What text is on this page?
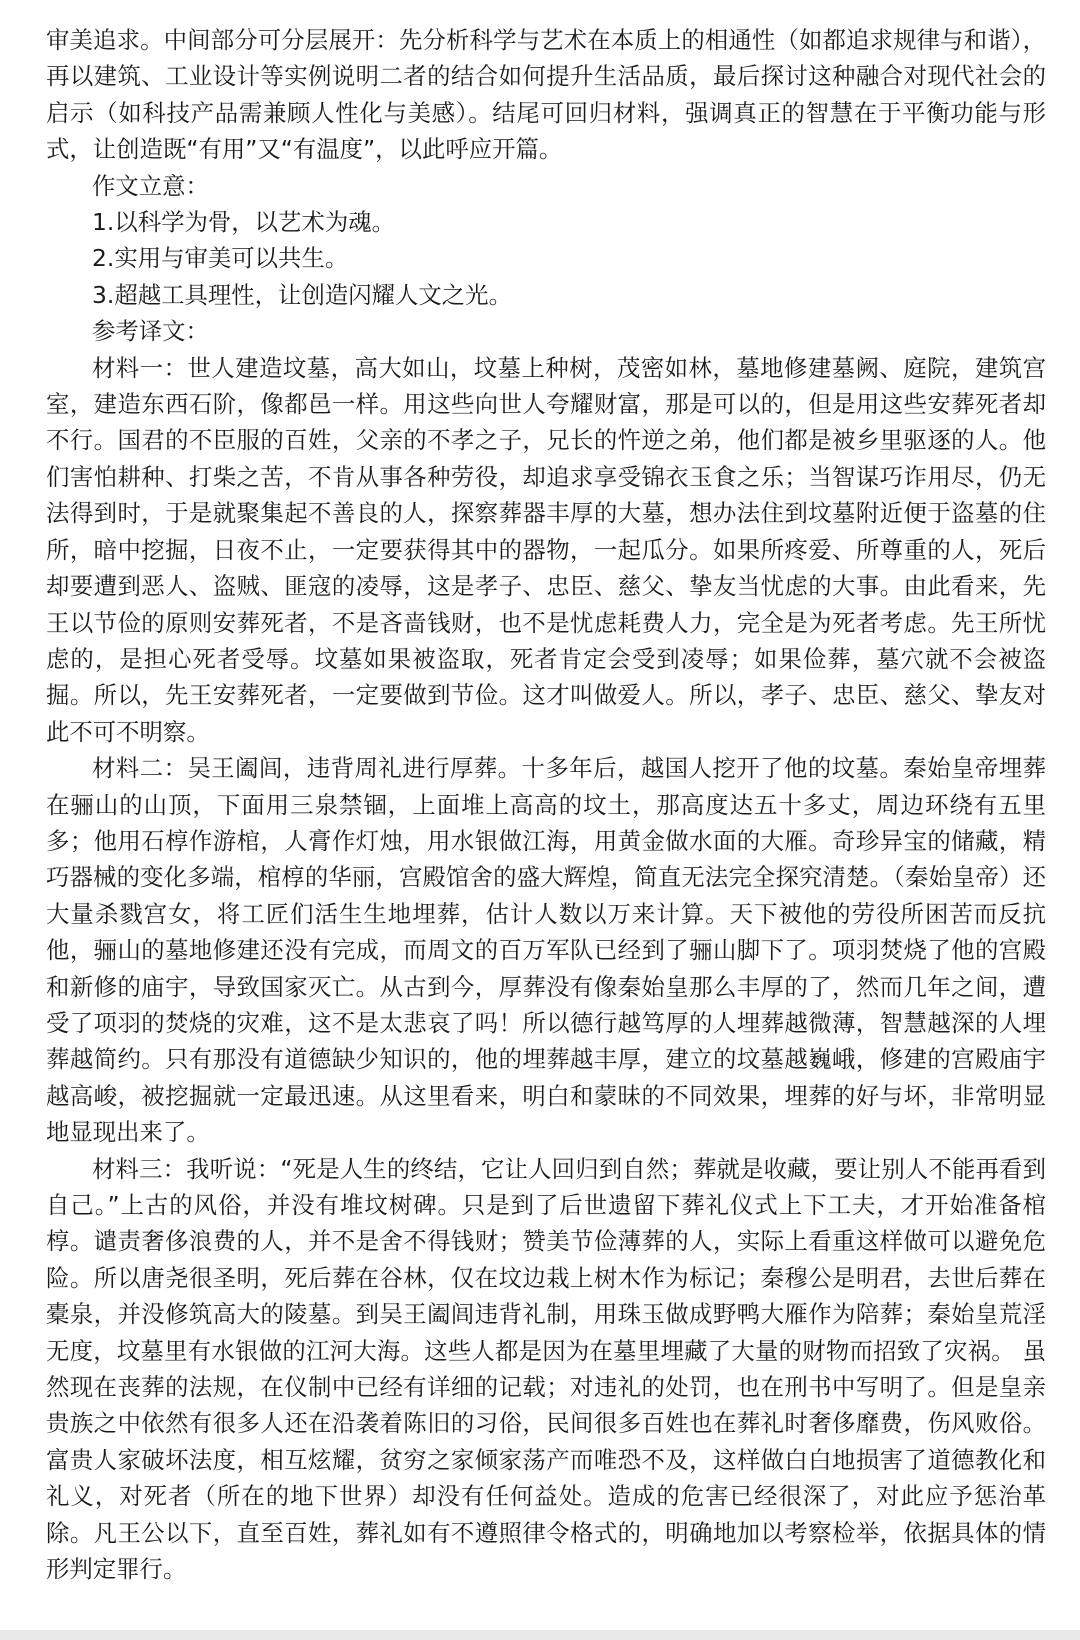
审美追求。中间部分可分层展开：先分析科学与艺术在本质上的相通性（如都追求规律与和谐），再以建筑、工业设计等实例说明二者的结合如何提升生活品质，最后探讨这种融合对现代社会的启示（如科技产品需兼顾人性化与美感）。结尾可回归材料，强调真正的智慧在于平衡功能与形式，让创造既“有用”又“有温度”，以此呼应开篇。

作文立意：

1.以科学为骨，以艺术为魂。

2.实用与审美可以共生。

3.超越工具理性，让创造闪耀人文之光。

参考译文：

材料一：世人建造坟墓，高大如山，坟墓上种树，茂密如林，墓地修建墓阙、庭院，建筑宫室，建造东西石阶，像都邑一样。用这些向世人夸耀财富，那是可以的，但是用这些安葬死者却不行。国君的不臣服的百姓，父亲的不孝之子，兄长的忤逆之弟，他们都是被乡里驱逐的人。他们害怕耕种、打柴之苦，不肯从事各种劳役，却追求享受锦衣玉食之乐；当智谋巧诈用尽，仍无法得到时，于是就聚集起不善良的人，探察葬器丰厚的大墓，想办法住到坟墓附近便于盗墓的住所，暗中挖掘，日夜不止，一定要获得其中的器物，一起瓜分。如果所疼爱、所尊重的人，死后却要遭到恶人、盗贼、匪寇的凌辱，这是孝子、忠臣、慈父、挚友当忧虑的大事。由此看来，先王以节俭的原则安葬死者，不是吝啬钱财，也不是忧虑耗费人力，完全是为死者考虑。先王所忧虑的，是担心死者受辱。坟墓如果被盗取，死者肯定会受到凌辱；如果俭葬，墓穴就不会被盗掘。所以，先王安葬死者，一定要做到节俭。这才叫做爱人。所以，孝子、忠臣、慈父、挚友对此不可不明察。

材料二：吴王阖闾，违背周礼进行厚葬。十多年后，越国人挖开了他的坟墓。秦始皇帝埋葬在骊山的山顶，下面用三泉禁锢，上面堆上高高的坟土，那高度达五十多丈，周边环绕有五里多；他用石椁作游棺，人膏作灯烛，用水银做江海，用黄金做水面的大雁。奇珍异宝的储藏，精巧器械的变化多端，棺椁的华丽，宫殿馆舍的盛大辉煌，简直无法完全探究清楚。（秦始皇帝）还大量杀戮宫女，将工匠们活生生地埋葬，估计人数以万来计算。天下被他的劳役所困苦而反抗他，骊山的墓地修建还没有完成，而周文的百万军队已经到了骊山脚下了。项羽焚烧了他的宫殿和新修的庙宇，导致国家灭亡。从古到今，厚葬没有像秦始皇那么丰厚的了，然而几年之间，遭受了项羽的焚烧的灾难，这不是太悲哀了吗！所以德行越笃厚的人埋葬越微薄，智慧越深的人埋葬越简约。只有那没有道德缺少知识的，他的埋葬越丰厚，建立的坟墓越巍峨，修建的宫殿庙宇越高峻，被挖掘就一定最迅速。从这里看来，明白和蒙昧的不同效果，埋葬的好与坏，非常明显地显现出来了。

材料三：我听说：“死是人生的终结，它让人回归到自然；葬就是收藏，要让别人不能再看到自己。”上古的风俗，并没有堆坟树碑。只是到了后世遗留下葬礼仪式上下工夫，才开始准备棺椁。谴责奢侈浪费的人，并不是舍不得钱财；赞美节俭薄葬的人，实际上看重这样做可以避免危险。所以唐尧很圣明，死后葬在谷林，仅在坟边栽上树木作为标记；秦穆公是明君，去世后葬在橐泉，并没修筑高大的陵墓。到吴王阖闾违背礼制，用珠玉做成野鸭大雁作为陪葬；秦始皇荒淫无度，坟墓里有水银做的江河大海。这些人都是因为在墓里埋藏了大量的财物而招致了灾祸。 虽然现在丧葬的法规，在仪制中已经有详细的记载；对违礼的处罚，也在刑书中写明了。但是皇亲贵族之中依然有很多人还在沿袭着陈旧的习俗，民间很多百姓也在葬礼时奢侈靡费，伤风败俗。富贵人家破坏法度，相互炫耀，贫穷之家倾家荡产而唯恐不及，这样做白白地损害了道德教化和礼义，对死者（所在的地下世界）却没有任何益处。造成的危害已经很深了，对此应予惩治革除。凡王公以下，直至百姓，葬礼如有不遵照律令格式的，明确地加以考察检举，依据具体的情形判定罪行。
